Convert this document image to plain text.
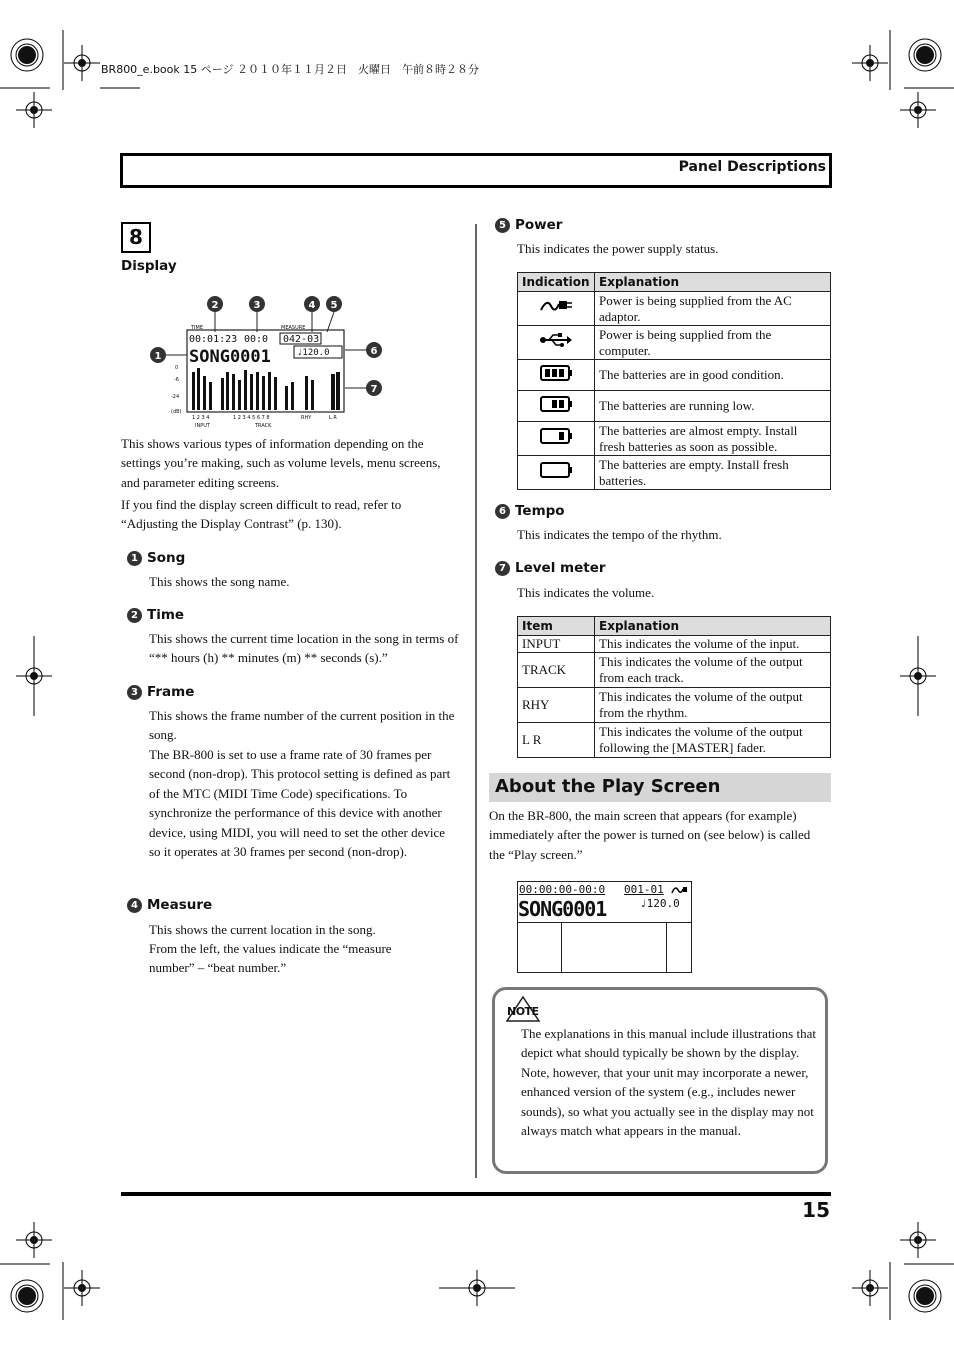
BR800_e.book 15 ページ ２０１０年１１月２日　火曜日　午前８時２８分
Panel Descriptions
8
Display
1
2	3	4 5
6
7
TIME	MEASURE
00:01:23 00:0 042-03
SONG0001	♩120.0
0
-6
-24
(dB)
1 2 3 4	1 2 3 4 5 6 7 8	RHY	L R
INPUT	TRACK
This shows various types of information depending on the settings you’re making, such as volume levels, menu screens, and parameter editing screens.
If you find the display screen difficult to read, refer to “Adjusting the Display Contrast” (p. 130).
1 Song
This shows the song name.
2 Time
This shows the current time location in the song in terms of “** hours (h) ** minutes (m) ** seconds (s).”
3 Frame
This shows the frame number of the current position in the song.
The BR-800 is set to use a frame rate of 30 frames per second (non-drop). This protocol setting is defined as part of the MTC (MIDI Time Code) specifications. To synchronize the performance of this device with another device, using MIDI, you will need to set the other device so it operates at 30 frames per second (non-drop).
4 Measure
This shows the current location in the song.
From the left, the values indicate the “measure number” – “beat number.”
5 Power
This indicates the power supply status.
Indication	Explanation
	Power is being supplied from the AC adaptor.
	Power is being supplied from the computer.
	The batteries are in good condition.
	The batteries are running low.
	The batteries are almost empty. Install fresh batteries as soon as possible.
	The batteries are empty. Install fresh batteries.
6 Tempo
This indicates the tempo of the rhythm.
7 Level meter
This indicates the volume.
Item	Explanation
INPUT	This indicates the volume of the input.
TRACK	This indicates the volume of the output from each track.
RHY	This indicates the volume of the output from the rhythm.
L R	This indicates the volume of the output following the [MASTER] fader.
About the Play Screen
On the BR-800, the main screen that appears (for example) immediately after the power is turned on (see below) is called the “Play screen.”
00:00:00-00:0 001-01
SONG0001	♩120.0
NOTE
The explanations in this manual include illustrations that depict what should typically be shown by the display. Note, however, that your unit may incorporate a newer, enhanced version of the system (e.g., includes newer sounds), so what you actually see in the display may not always match what appears in the manual.
15
